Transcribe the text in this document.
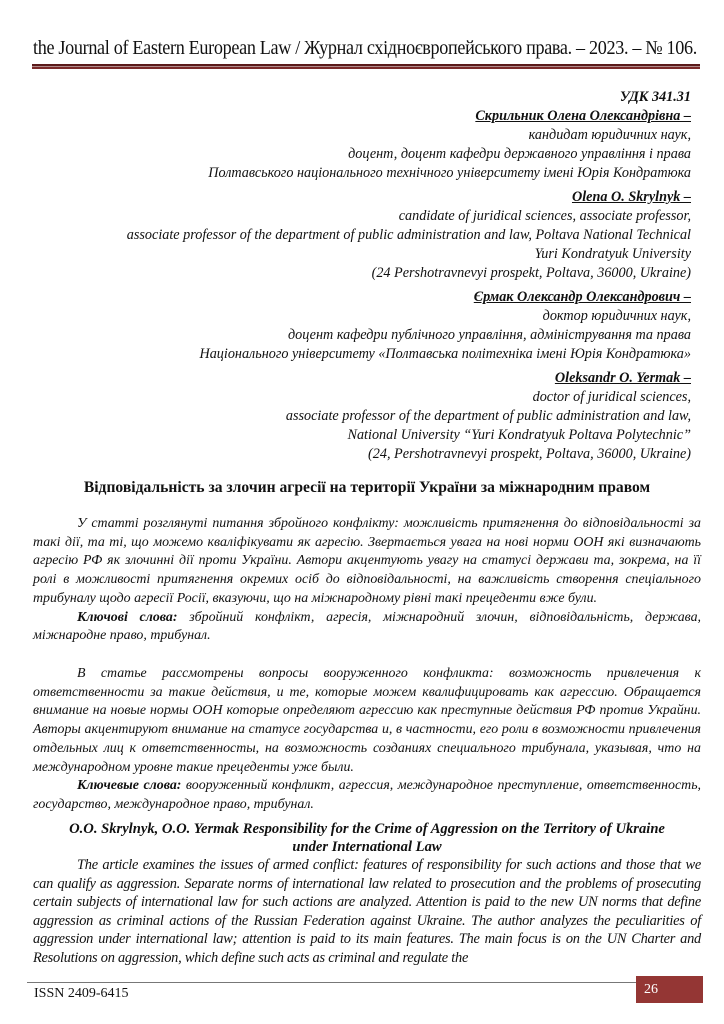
the Journal of Eastern European Law / Журнал східноєвропейського права. – 2023. – № 106.
УДК 341.31
Скрильник Олена Олександрівна –
кандидат юридичних наук,
доцент, доцент кафедри державного управління і права
Полтавського національного технічного університету імені Юрія Кондратюка
Olena O. Skrylnyk –
candidate of juridical sciences, associate professor,
associate professor of the department of public administration and law, Poltava National Technical
Yuri Kondratyuk University
(24 Pershotravnevyi prospekt, Poltava, 36000, Ukraine)
Єрмак Олександр Олександрович –
доктор юридичних наук,
доцент кафедри публічного управління, адміністрування та права
Національного університету «Полтавська політехніка імені Юрія Кондратюка»
Oleksandr O. Yermak –
doctor of juridical sciences,
associate professor of the department of public administration and law,
National University “Yuri Kondratyuk Poltava Polytechnic”
(24, Pershotravnevyi prospekt, Poltava, 36000, Ukraine)
Відповідальність за злочин агресії на території України за міжнародним правом
У статті розглянуті питання збройного конфлікту: можливість притягнення до відповідальності за такі дії, та ті, що можемо кваліфікувати як агресію. Звертається увага на нові норми ООН які визначають агресію РФ як злочинні дії проти України. Автори акцентують увагу на статусі держави та, зокрема, на її ролі в можливості притягнення окремих осіб до відповідальності, на важливість створення спеціального трибуналу щодо агресії Росії, вказуючи, що на міжнародному рівні такі прецеденти вже були.
Ключові слова: збройний конфлікт, агресія, міжнародний злочин, відповідальність, держава, міжнародне право, трибунал.
В статье рассмотрены вопросы вооруженного конфликта: возможность привлечения к ответственности за такие действия, и те, которые можем квалифицировать как агрессию. Обращается внимание на новые нормы ООН которые определяют агрессию как преступные действия РФ против Украйни. Авторы акцентируют внимание на статусе государства и, в частности, его роли в возможности привлечения отдельных лиц к ответственносты, на возможность созданиях специального трибунала, указывая, что на международном уровне такие прецеденты уже были.
Ключевые слова: вооруженный конфликт, агрессия, международное преступление, ответственность, государство, международное право, трибунал.
O.O. Skrylnyk, O.O. Yermak Responsibility for the Crime of Aggression on the Territory of Ukraine
under International Law
The article examines the issues of armed conflict: features of responsibility for such actions and those that we can qualify as aggression. Separate norms of international law related to prosecution and the problems of prosecuting certain subjects of international law for such actions are analyzed. Attention is paid to the new UN norms that define aggression as criminal actions of the Russian Federation against Ukraine. The author analyzes the peculiarities of aggression under international law; attention is paid to its main features. The main focus is on the UN Charter and Resolutions on aggression, which define such acts as criminal and regulate the
ISSN 2409-6415	26
